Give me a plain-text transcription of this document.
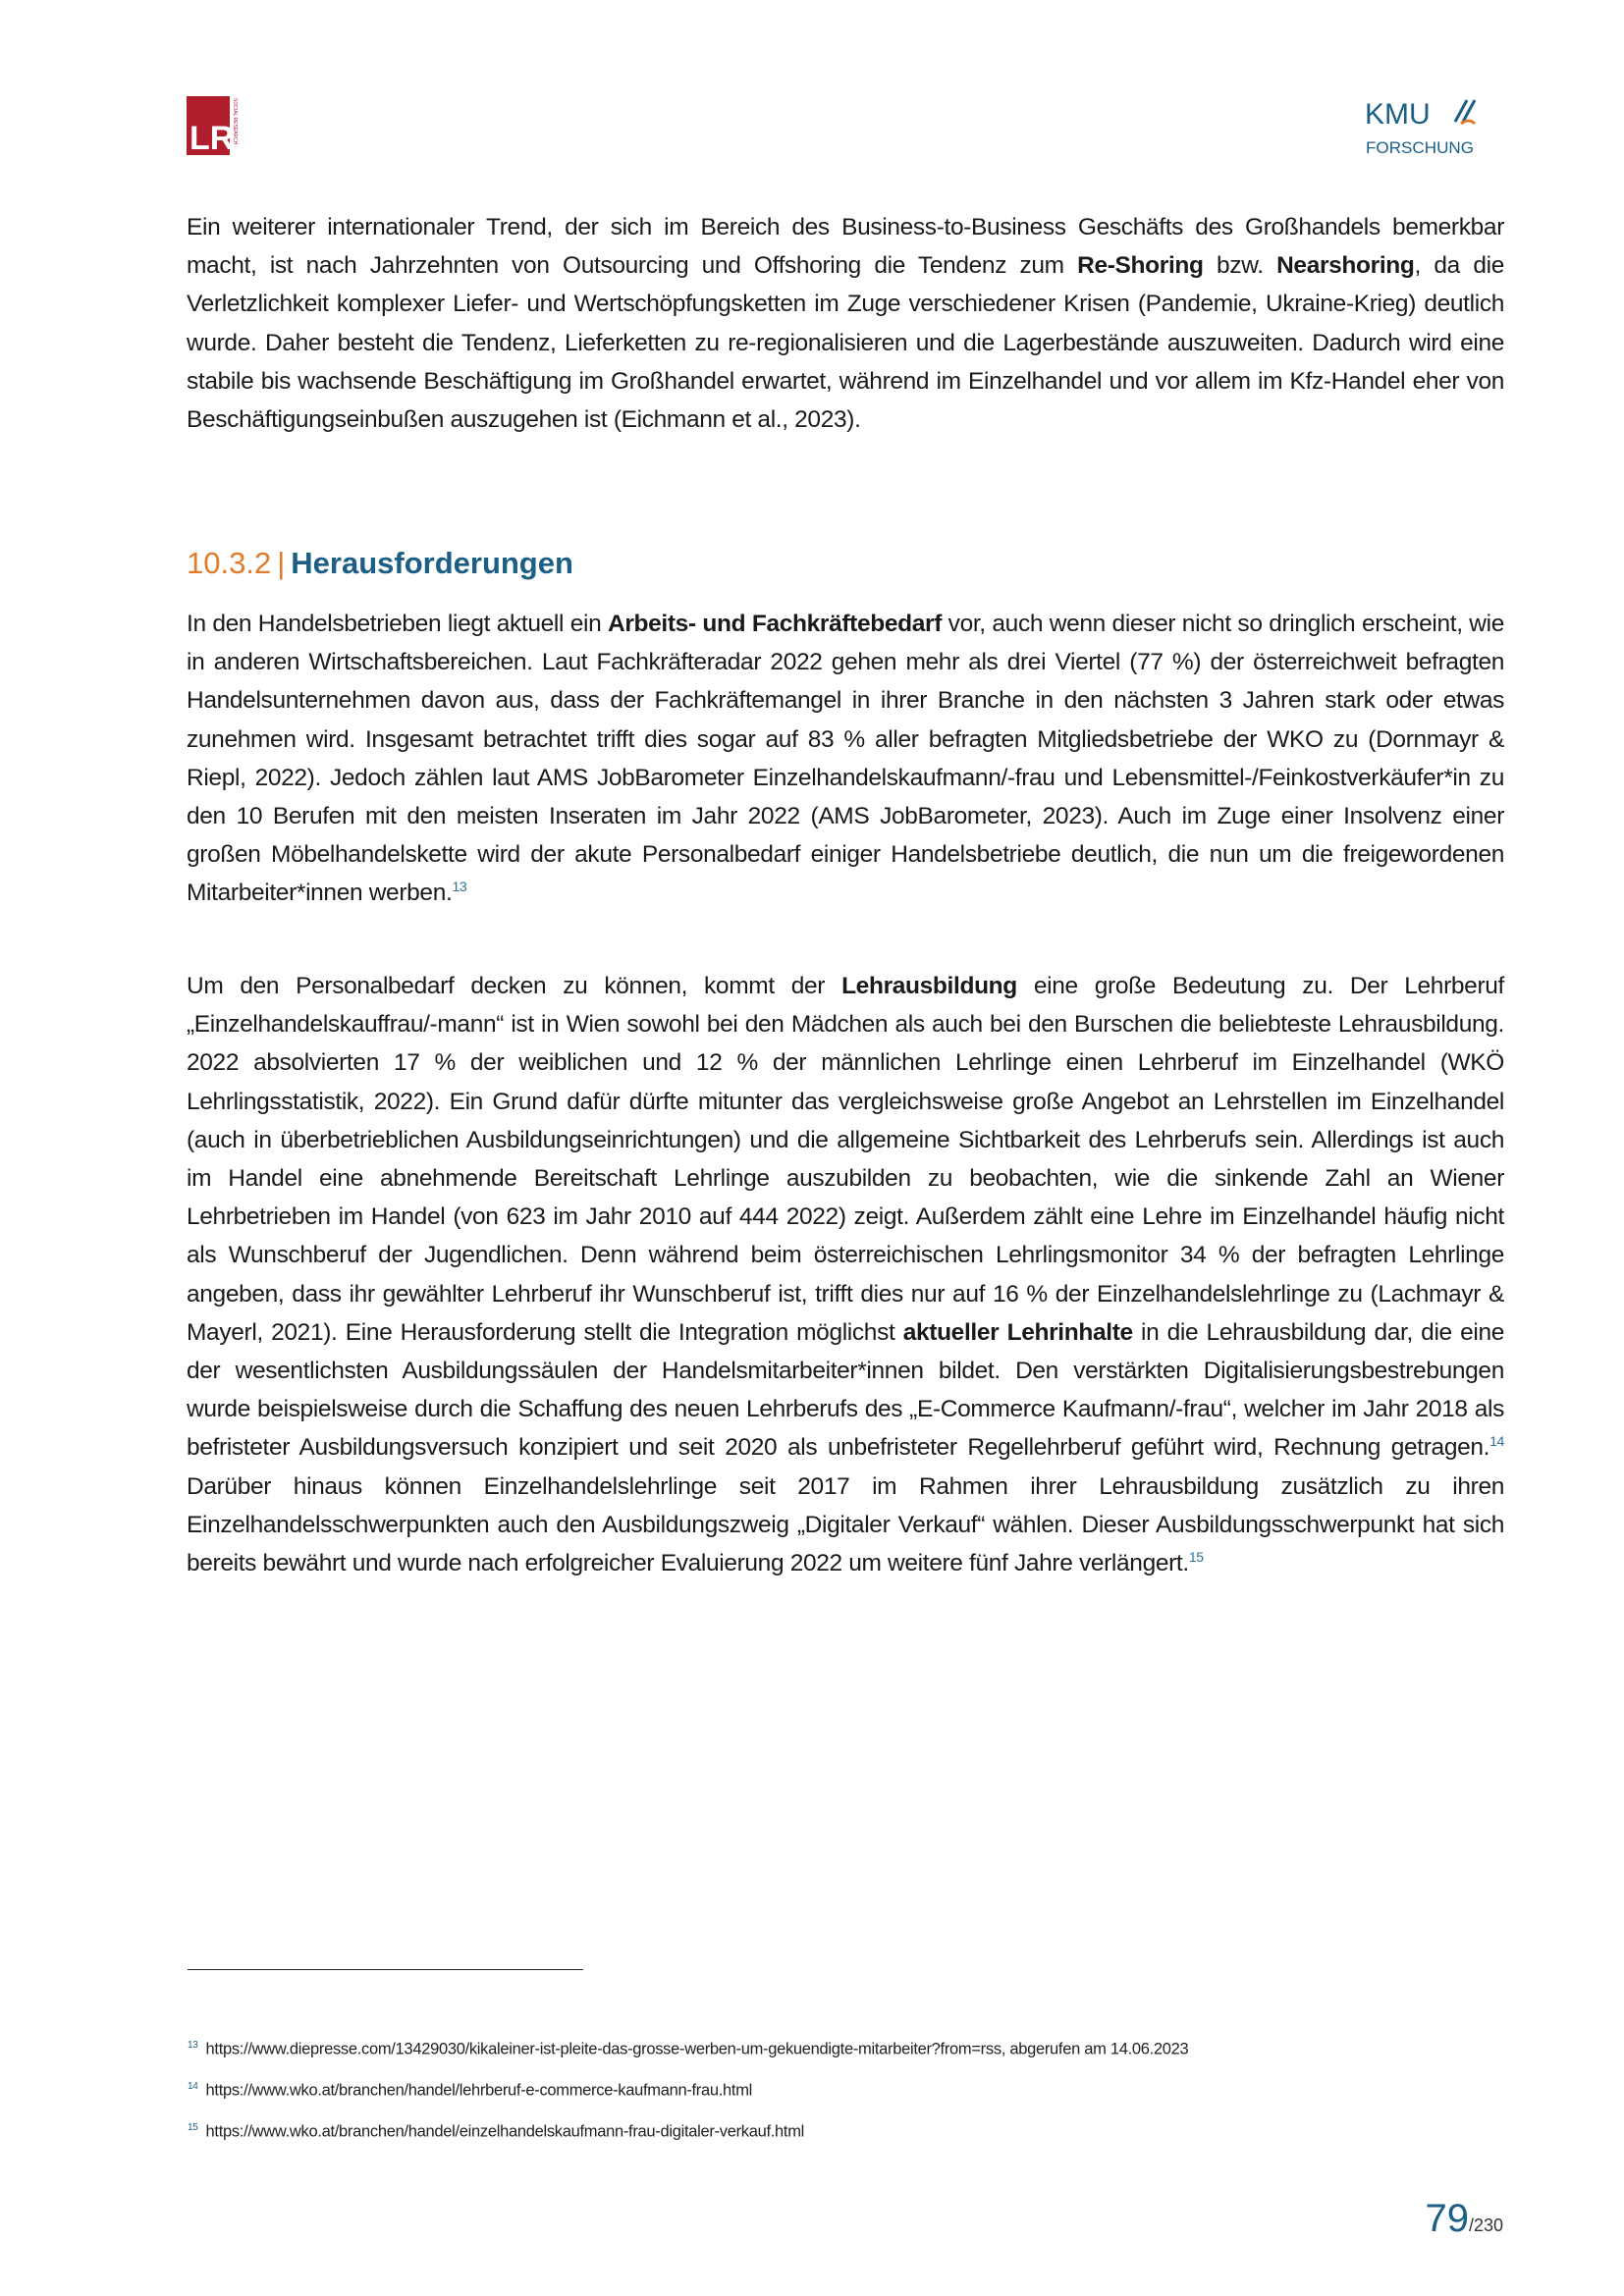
LR
SOCIAL RESEARCH	KMU
FORSCHUNG
Ein weiterer internationaler Trend, der sich im Bereich des Business-to-Business Geschäfts des Großhandels bemerkbar macht, ist nach Jahrzehnten von Outsourcing und Offshoring die Tendenz zum Re-Shoring bzw. Nearshoring, da die Verletzlichkeit komplexer Liefer- und Wertschöpfungsketten im Zuge verschiedener Krisen (Pandemie, Ukraine-Krieg) deutlich wurde. Daher besteht die Tendenz, Lieferketten zu re-regionalisieren und die Lagerbestände auszuweiten. Dadurch wird eine stabile bis wachsende Beschäftigung im Großhandel erwartet, während im Einzelhandel und vor allem im Kfz-Handel eher von Beschäftigungseinbußen auszugehen ist (Eichmann et al., 2023).
10.3.2 | Herausforderungen
In den Handelsbetrieben liegt aktuell ein Arbeits- und Fachkräftebedarf vor, auch wenn dieser nicht so dringlich erscheint, wie in anderen Wirtschaftsbereichen. Laut Fachkräfteradar 2022 gehen mehr als drei Viertel (77 %) der österreichweit befragten Handelsunternehmen davon aus, dass der Fachkräftemangel in ihrer Branche in den nächsten 3 Jahren stark oder etwas zunehmen wird. Insgesamt betrachtet trifft dies sogar auf 83 % aller befragten Mitgliedsbetriebe der WKO zu (Dornmayr & Riepl, 2022). Jedoch zählen laut AMS JobBarometer Einzelhandelskaufmann/-frau und Lebensmittel-/Feinkostverkäufer*in zu den 10 Berufen mit den meisten Inseraten im Jahr 2022 (AMS JobBarometer, 2023). Auch im Zuge einer Insolvenz einer großen Möbelhandelskette wird der akute Personalbedarf einiger Handelsbetriebe deutlich, die nun um die freigewordenen Mitarbeiter*innen werben.$^{13}$
Um den Personalbedarf decken zu können, kommt der Lehrausbildung eine große Bedeutung zu. Der Lehrberuf „Einzelhandelskauffrau/-mann“ ist in Wien sowohl bei den Mädchen als auch bei den Burschen die beliebteste Lehrausbildung. 2022 absolvierten 17 % der weiblichen und 12 % der männlichen Lehrlinge einen Lehrberuf im Einzelhandel (WKÖ Lehrlingsstatistik, 2022). Ein Grund dafür dürfte mitunter das vergleichsweise große Angebot an Lehrstellen im Einzelhandel (auch in überbetrieblichen Ausbildungseinrichtungen) und die allgemeine Sichtbarkeit des Lehrberufs sein. Allerdings ist auch im Handel eine abnehmende Bereitschaft Lehrlinge auszubilden zu beobachten, wie die sinkende Zahl an Wiener Lehrbetrieben im Handel (von 623 im Jahr 2010 auf 444 2022) zeigt. Außerdem zählt eine Lehre im Einzelhandel häufig nicht als Wunschberuf der Jugendlichen. Denn während beim österreichischen Lehrlingsmonitor 34 % der befragten Lehrlinge angeben, dass ihr gewählter Lehrberuf ihr Wunschberuf ist, trifft dies nur auf 16 % der Einzelhandelslehrlinge zu (Lachmayr & Mayerl, 2021). Eine Herausforderung stellt die Integration möglichst aktueller Lehrinhalte in die Lehrausbildung dar, die eine der wesentlichsten Ausbildungssäulen der Handelsmitarbeiter*innen bildet. Den verstärkten Digitalisierungsbestrebungen wurde beispielsweise durch die Schaffung des neuen Lehrberufs des „E-Commerce Kaufmann/-frau“, welcher im Jahr 2018 als befristeter Ausbildungsversuch konzipiert und seit 2020 als unbefristeter Regellehrberuf geführt wird, Rechnung getragen.$^{14}$ Darüber hinaus können Einzelhandelslehrlinge seit 2017 im Rahmen ihrer Lehrausbildung zusätzlich zu ihren Einzelhandelsschwerpunkten auch den Ausbildungszweig „Digitaler Verkauf“ wählen. Dieser Ausbildungsschwerpunkt hat sich bereits bewährt und wurde nach erfolgreicher Evaluierung 2022 um weitere fünf Jahre verlängert.$^{15}$
$^{13}$ https://www.diepresse.com/13429030/kikaleiner-ist-pleite-das-grosse-werben-um-gekuendigte-mitarbeiter?from=rss, abgerufen am 14.06.2023
$^{14}$ https://www.wko.at/branchen/handel/lehrberuf-e-commerce-kaufmann-frau.html
$^{15}$ https://www.wko.at/branchen/handel/einzelhandelskaufmann-frau-digitaler-verkauf.html
79/230
